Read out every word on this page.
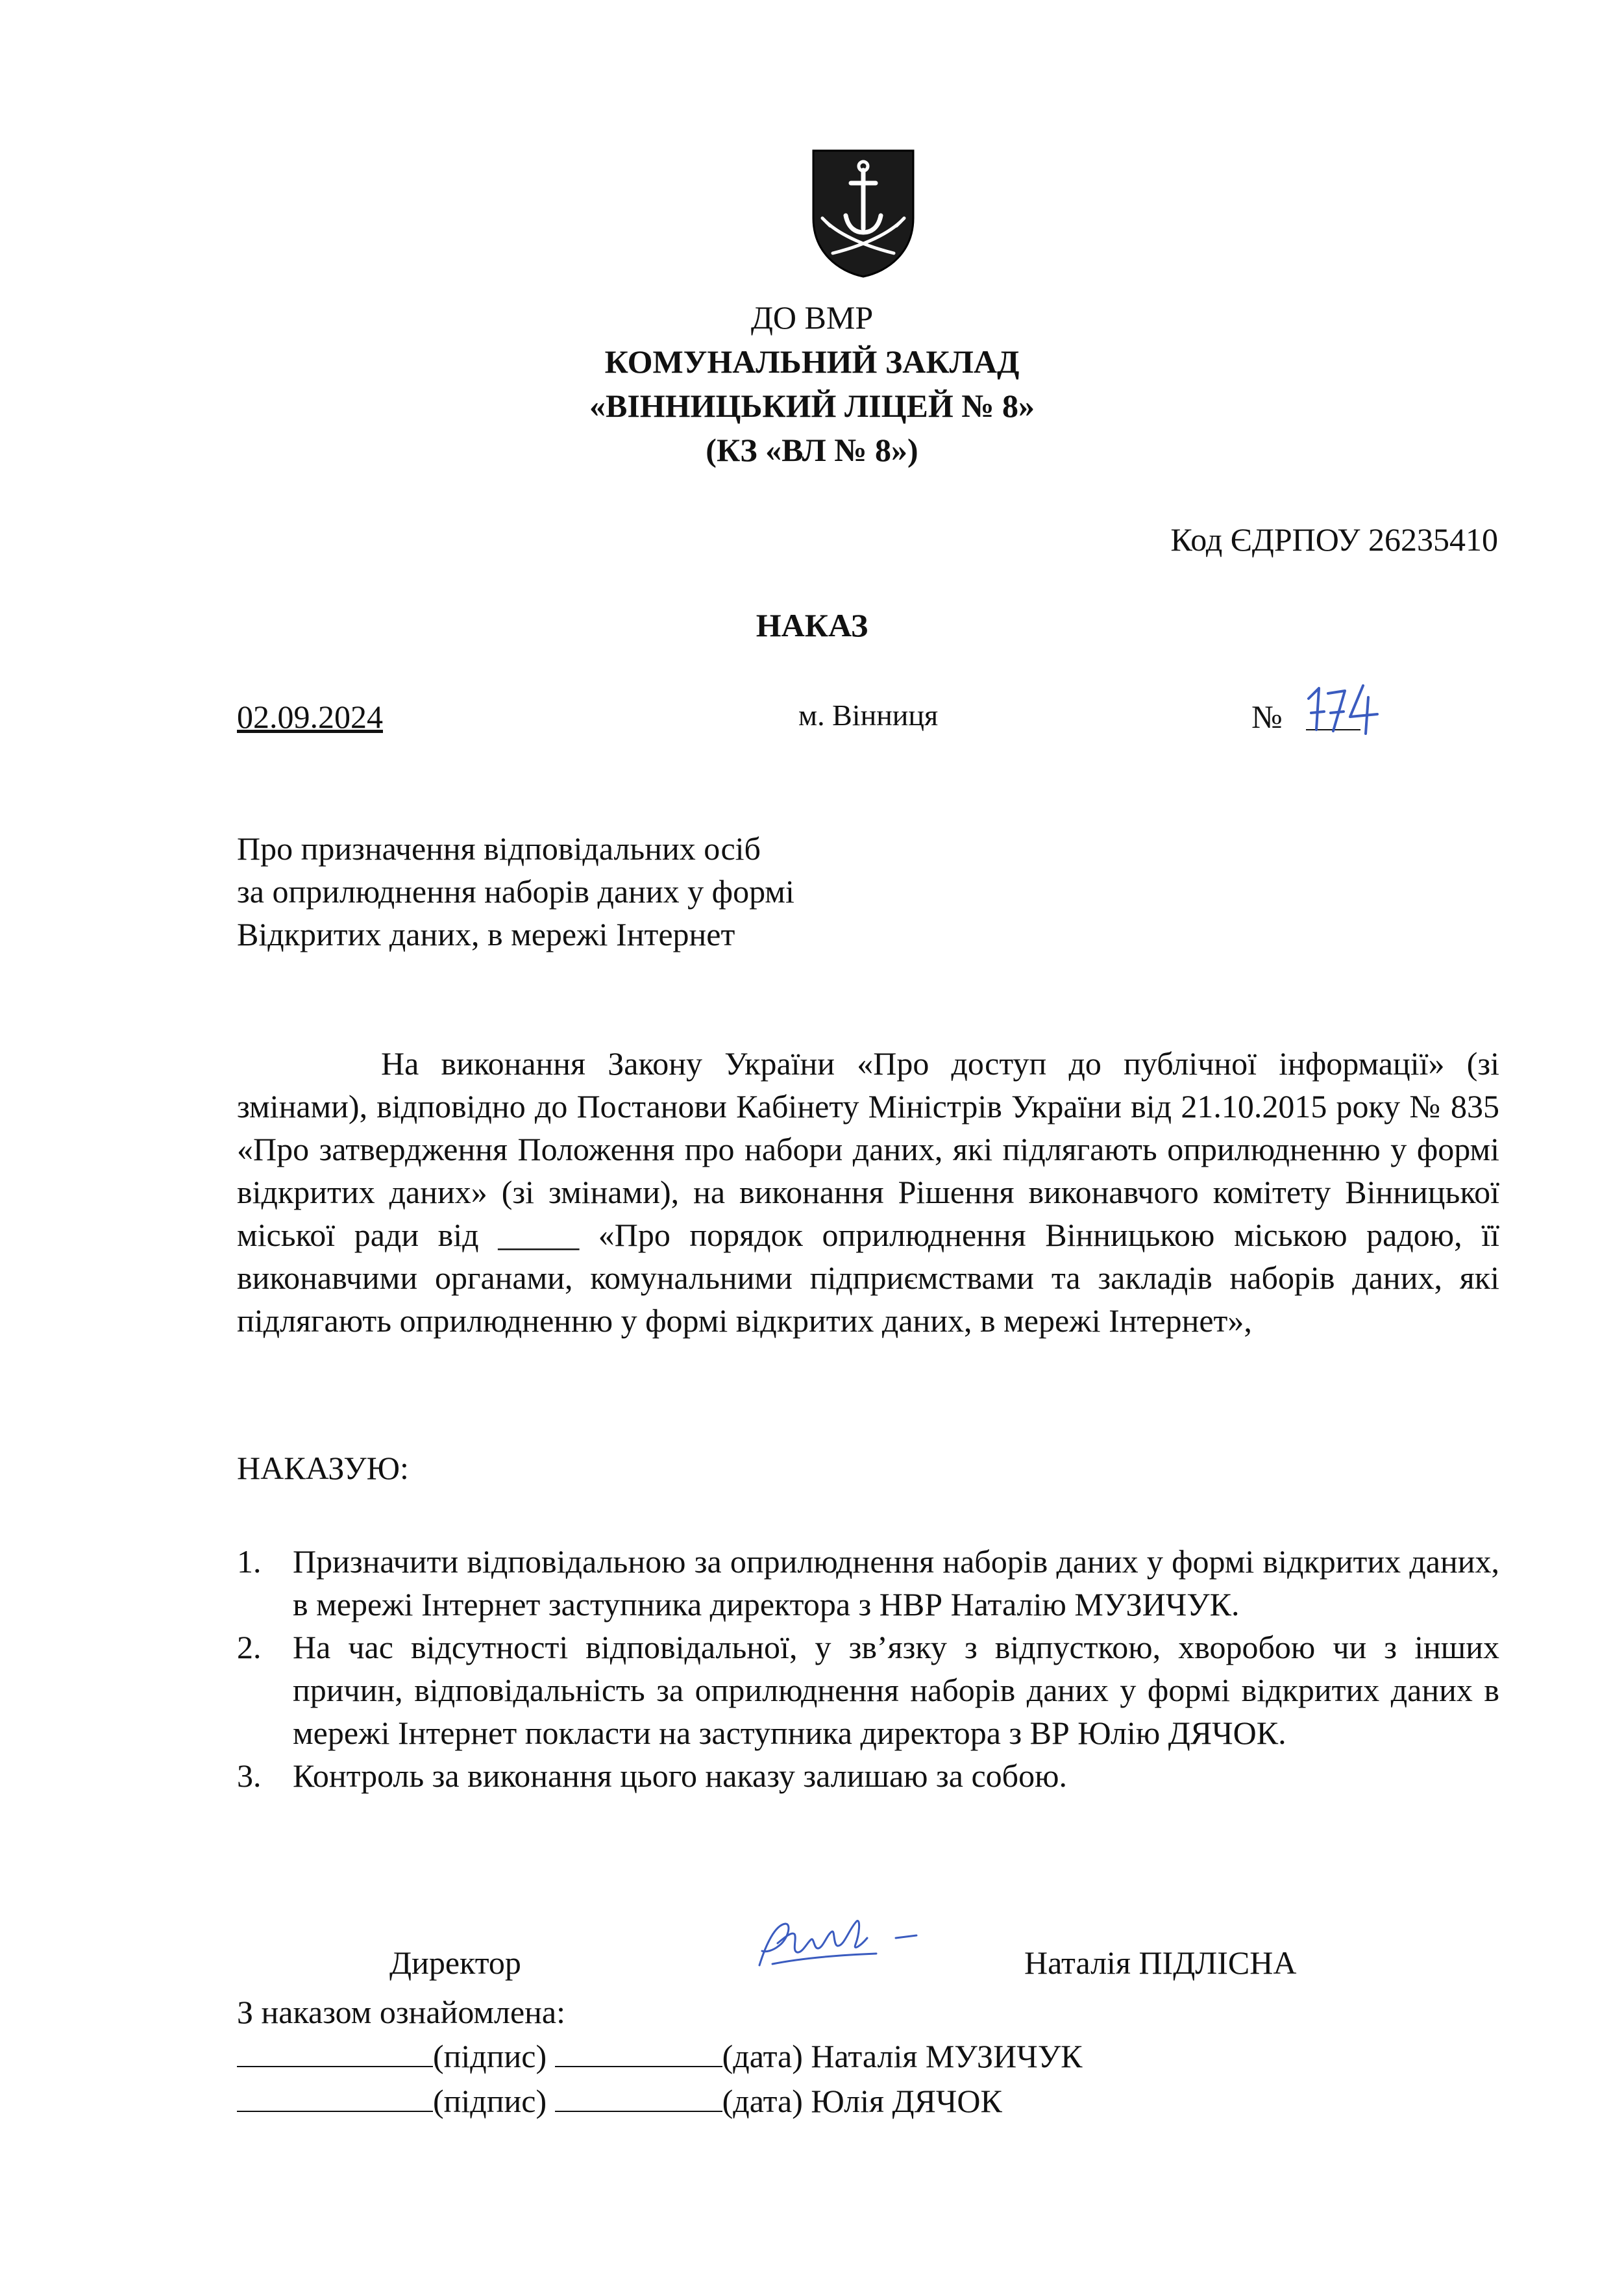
ДО ВМР
КОМУНАЛЬНИЙ ЗАКЛАД
«ВІННИЦЬКИЙ ЛІЦЕЙ № 8»
(КЗ «ВЛ № 8»)
Код ЄДРПОУ 26235410
НАКАЗ
02.09.2024	м. Вінниця	№
Про призначення відповідальних осіб
за оприлюднення наборів даних у формі
Відкритих даних, в мережі Інтернет
На виконання Закону України «Про доступ до публічної інформації» (зі змінами), відповідно до Постанови Кабінету Міністрів України від 21.10.2015 року № 835 «Про затвердження Положення про набори даних, які підлягають оприлюдненню у формі відкритих даних» (зі змінами), на виконання Рішення виконавчого комітету Вінницької міської ради від _____ «Про порядок оприлюднення Вінницькою міською радою, її виконавчими органами, комунальними підприємствами та закладів наборів даних, які підлягають оприлюдненню у формі відкритих даних, в мережі Інтернет»,
НАКАЗУЮ:
1. Призначити відповідальною за оприлюднення наборів даних у формі відкритих даних, в мережі Інтернет заступника директора з НВР Наталію МУЗИЧУК.
2. На час відсутності відповідальної, у зв’язку з відпусткою, хворобою чи з інших причин, відповідальність за оприлюднення наборів даних у формі відкритих даних в мережі Інтернет покласти на заступника директора з ВР Юлію ДЯЧОК.
3. Контроль за виконання цього наказу залишаю за собою.
Директор	Наталія ПІДЛІСНА
З наказом ознайомлена:
(підпис)	(дата) Наталія МУЗИЧУК
(підпис)	(дата) Юлія ДЯЧОК
